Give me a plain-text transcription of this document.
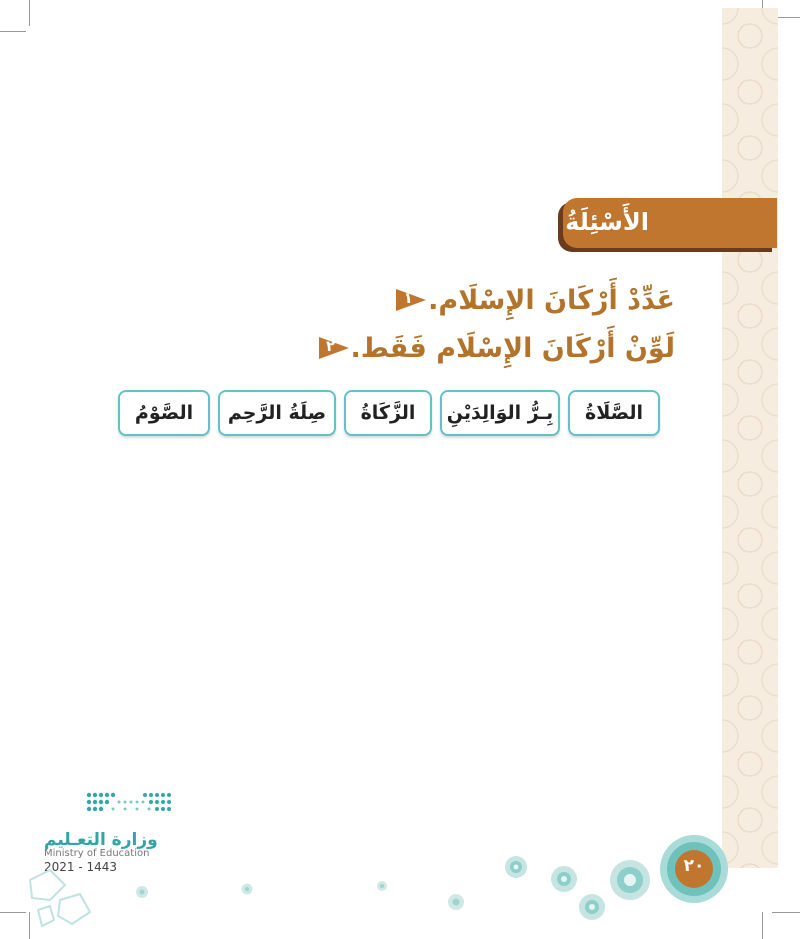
الأَسْئِلَةُ
١ عَدِّدْ أَرْكَانَ الإِسْلَام.
٢ لَوِّنْ أَرْكَانَ الإِسْلَام فَقَط.
الصَّلَاةُ
بِـرُّ الوَالِدَيْنِ
الزَّكَاةُ
صِلَةُ الرَّحِم
الصَّوْمُ
وزارة التعـليم
Ministry of Education
2021 - 1443	٢٠
